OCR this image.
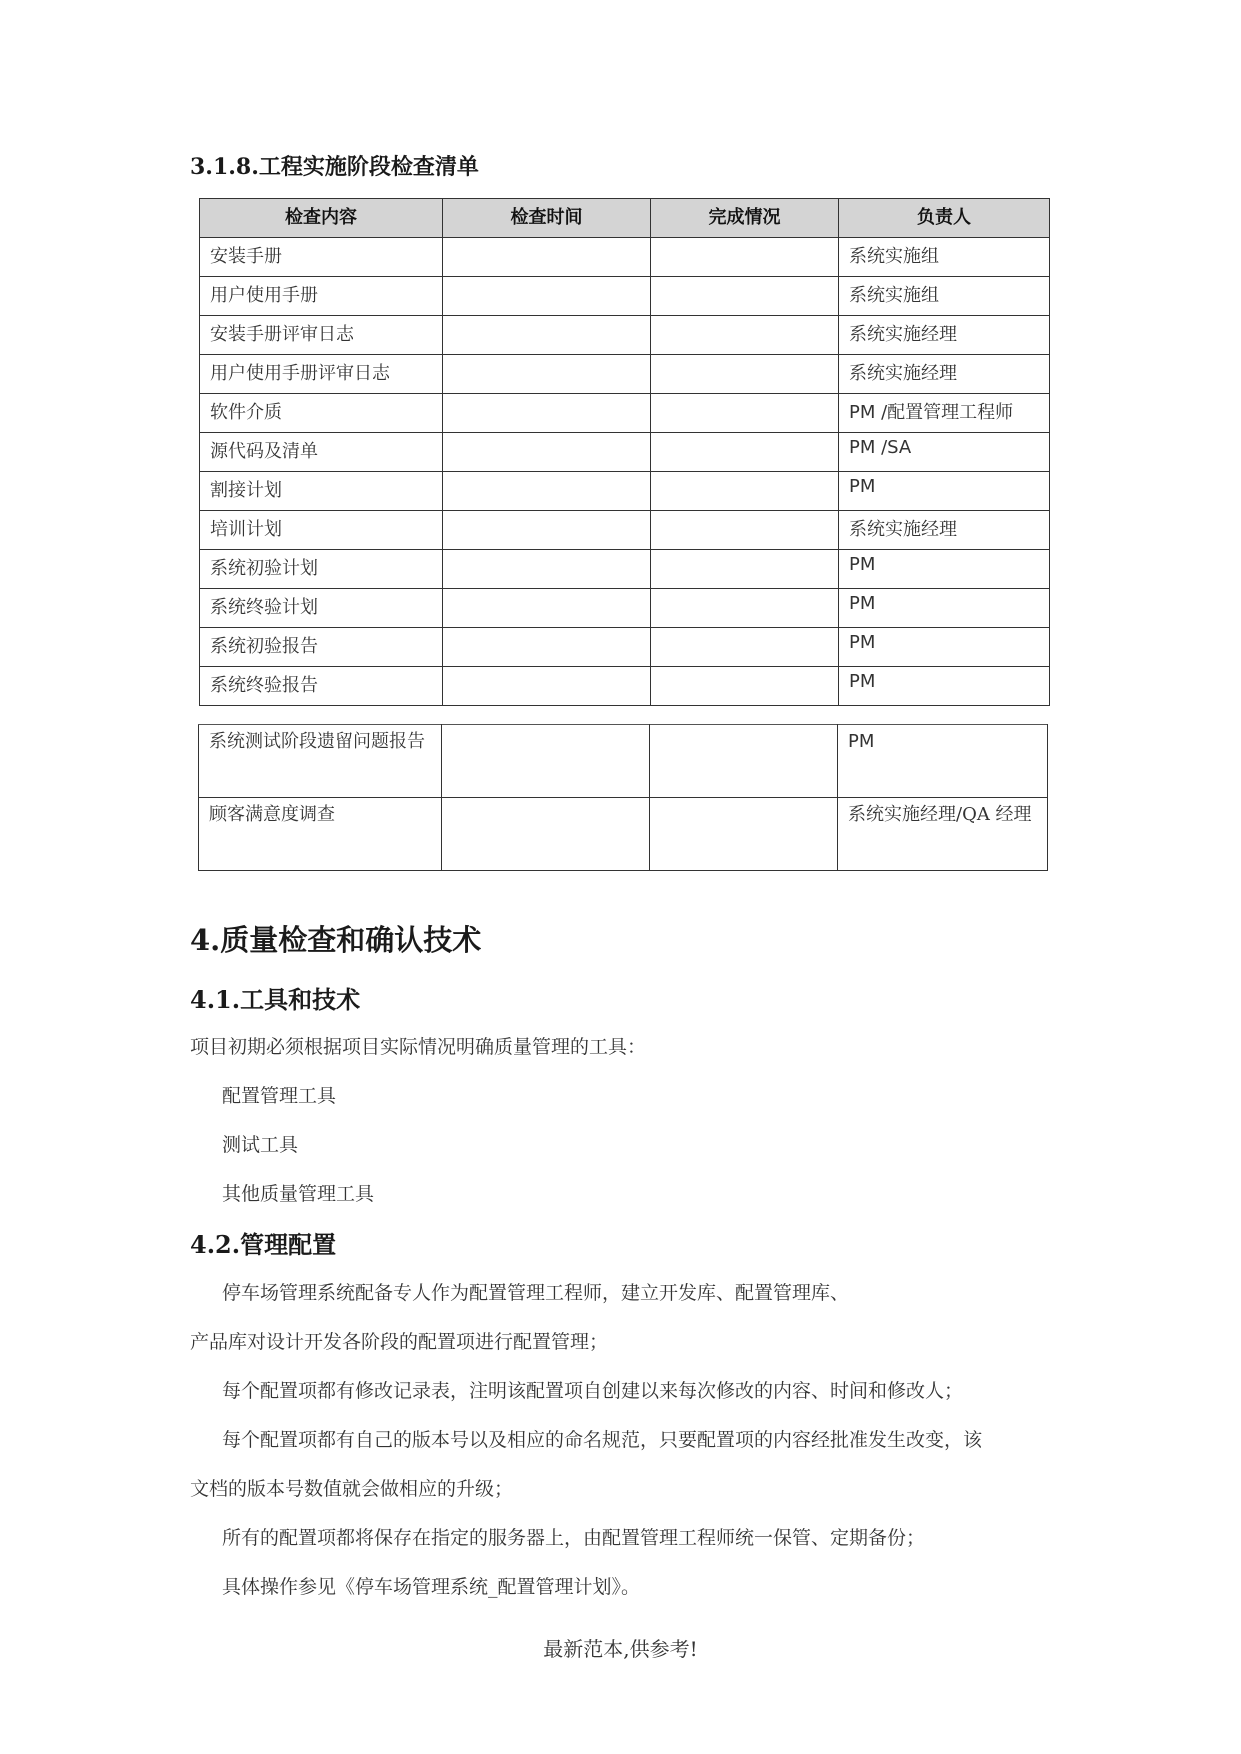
3.1.8.工程实施阶段检查清单
检查内容	检查时间	完成情况	负责人
安装手册			系统实施组
用户使用手册			系统实施组
安装手册评审日志			系统实施经理
用户使用手册评审日志			系统实施经理
软件介质			PM /配置管理工程师
源代码及清单			PM /SA
割接计划			PM
培训计划			系统实施经理
系统初验计划			PM
系统终验计划			PM
系统初验报告			PM
系统终验报告			PM
系统测试阶段遗留问题报告			PM
顾客满意度调查			系统实施经理/QA 经理
4.质量检查和确认技术
4.1.工具和技术
项目初期必须根据项目实际情况明确质量管理的工具：
配置管理工具
测试工具
其他质量管理工具
4.2.管理配置
停车场管理系统配备专人作为配置管理工程师，建立开发库、配置管理库、
产品库对设计开发各阶段的配置项进行配置管理；
每个配置项都有修改记录表，注明该配置项自创建以来每次修改的内容、时间和修改人；
每个配置项都有自己的版本号以及相应的命名规范，只要配置项的内容经批准发生改变，该
文档的版本号数值就会做相应的升级；
所有的配置项都将保存在指定的服务器上，由配置管理工程师统一保管、定期备份；
具体操作参见《停车场管理系统_配置管理计划》。
最新范本,供参考!
